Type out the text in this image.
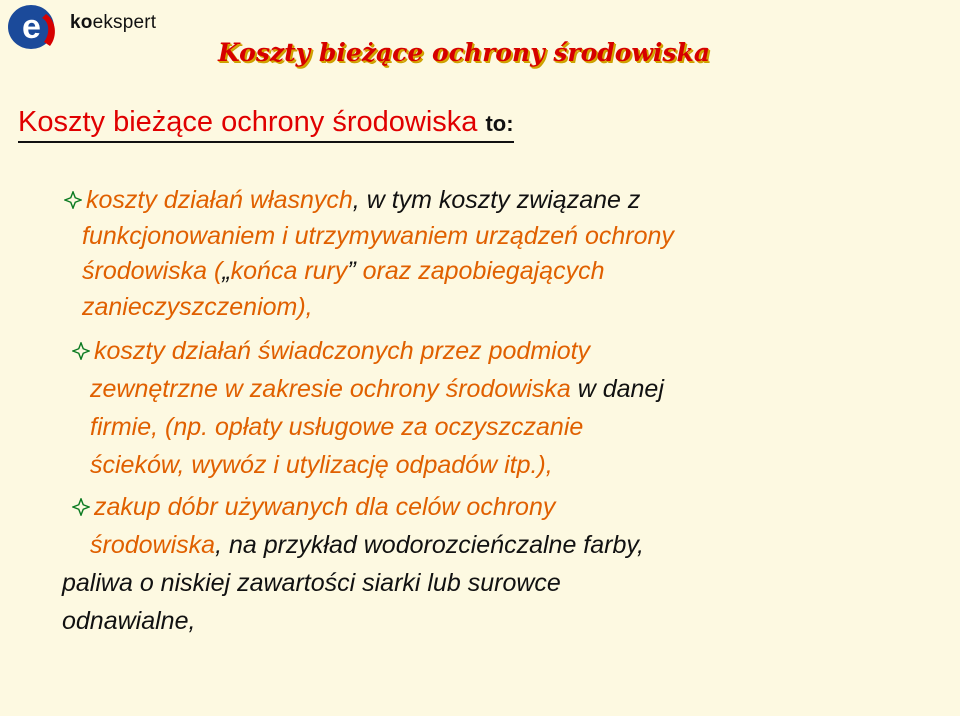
e koekspert
Koszty bieżące ochrony środowiska
Koszty bieżące ochrony środowiska to:
koszty działań własnych, w tym koszty związane z
funkcjonowaniem i utrzymywaniem urządzeń ochrony
środowiska („końca rury” oraz zapobiegających
zanieczyszczeniom),
koszty działań świadczonych przez podmioty
zewnętrzne w zakresie ochrony środowiska w danej
firmie, (np. opłaty usługowe za oczyszczanie
ścieków, wywóz i utylizację odpadów itp.),
zakup dóbr używanych dla celów ochrony
środowiska, na przykład wodorozcieńczalne farby,
paliwa o niskiej zawartości siarki lub surowce
odnawialne,
